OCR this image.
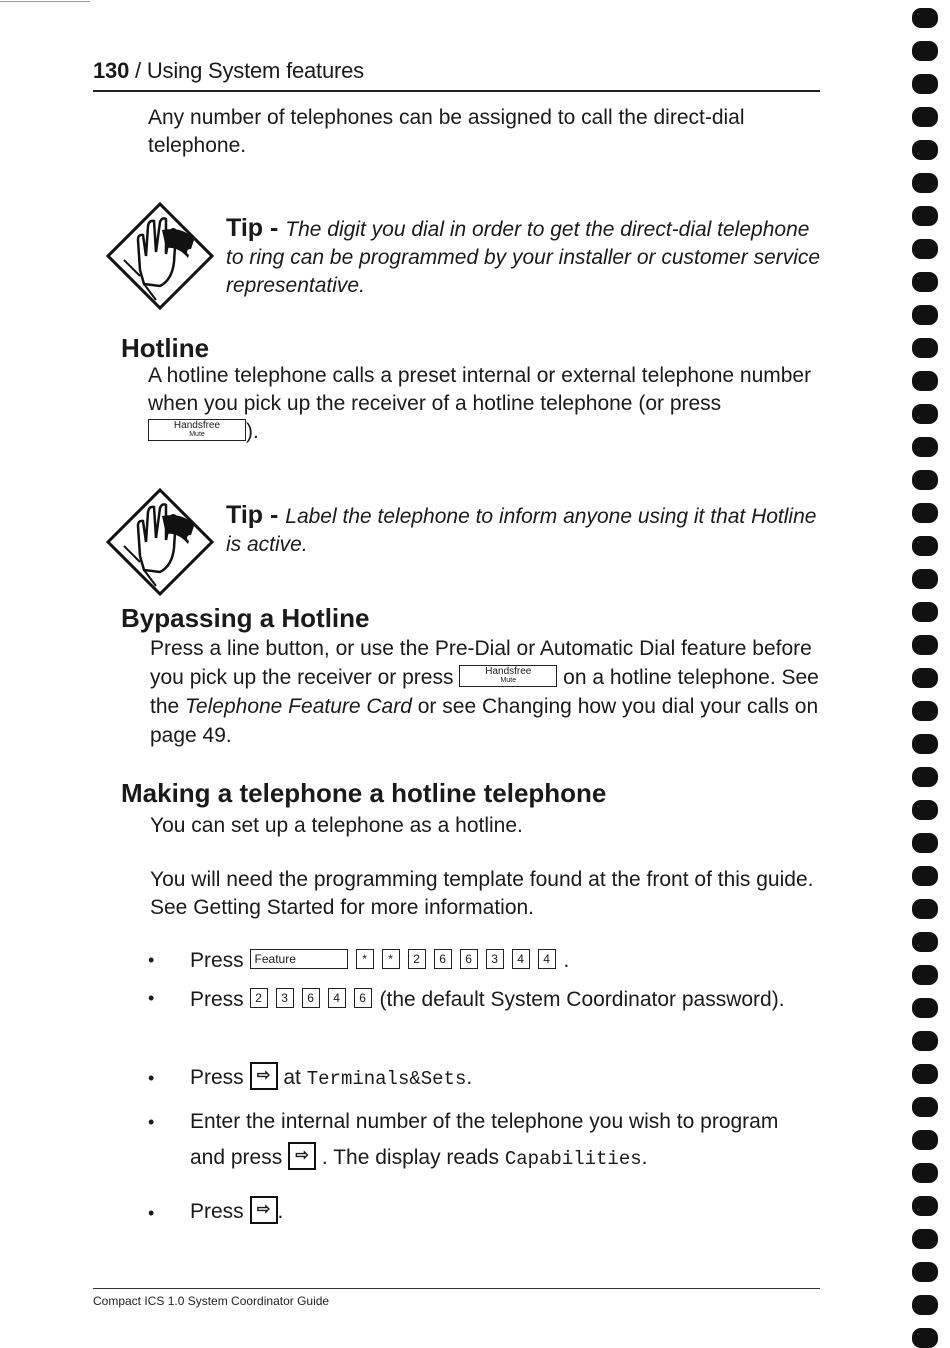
130 / Using System features
Any number of telephones can be assigned to call the direct-dial telephone.
Tip - The digit you dial in order to get the direct-dial telephone to ring can be programmed by your installer or customer service representative.
Hotline
A hotline telephone calls a preset internal or external telephone number when you pick up the receiver of a hotline telephone (or press
Handsfree
Mute	).
Tip - Label the telephone to inform anyone using it that Hotline is active.
Bypassing a Hotline
Press a line button, or use the Pre-Dial or Automatic Dial feature before you pick up the receiver or press	Handsfree
Mute	on a hotline telephone. See the Telephone Feature Card or see Changing how you dial your calls on page 49.
Making a telephone a hotline telephone
You can set up a telephone as a hotline.
You will need the programming template found at the front of this guide. See Getting Started for more information.
• Press Feature	* * 2 6 6 3 4 4 .
• Press 2 3 6 4 6 (the default System Coordinator password).
• Press ⇨ at Terminals&Sets.
• Enter the internal number of the telephone you wish to program
and press ⇨ . The display reads Capabilities.
• Press ⇨ .
Compact ICS 1.0 System Coordinator Guide
